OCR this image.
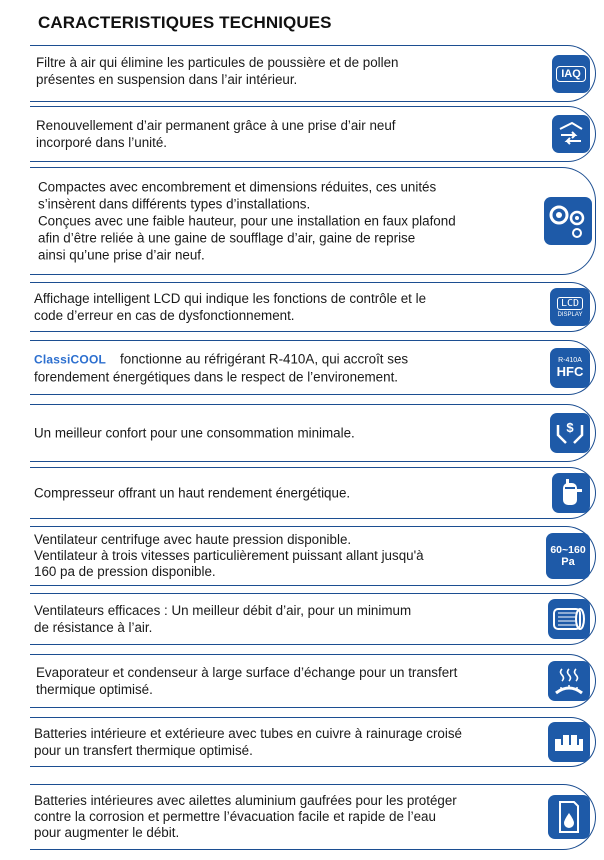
CARACTERISTIQUES TECHNIQUES

Filtre à air qui élimine les particules de poussière et de pollen

présentes en suspension dans l’air intérieur.	IAQ

Renouvellement d’air permanent grâce à une prise d’air neuf

incorporé dans l’unité.

Compactes avec encombrement et dimensions réduites, ces unités

s’insèrent dans différents types d’installations.

Conçues avec une faible hauteur, pour une installation en faux plafond

afin d’être reliée à une gaine de soufflage d’air, gaine de reprise

ainsi qu’une prise d’air neuf.

Affichage intelligent LCD qui indique les fonctions de contrôle et le

code d’erreur en cas de dysfonctionnement.

LCD
DISPLAY

ClassiCOOL fonctionne au réfrigérant R-410A, qui accroît ses

forendement énergétiques dans le respect de l’environement.

R-410A
HFC

Un meilleur confort pour une consommation minimale.	$

Compresseur offrant un haut rendement énergétique.

Ventilateur centrifuge avec haute pression disponible.

Ventilateur à trois vitesses particulièrement puissant allant jusqu'à

160 pa de pression disponible.

60~160
Pa

Ventilateurs efficaces : Un meilleur débit d’air, pour un minimum

de résistance à l’air.

Evaporateur et condenseur à large surface d’échange pour un transfert

thermique optimisé.

Batteries intérieure et extérieure avec tubes en cuivre à rainurage croisé

pour un transfert thermique optimisé.

Batteries intérieures avec ailettes aluminium gaufrées pour les protéger

contre la corrosion et permettre l’évacuation facile et rapide de l’eau

pour augmenter le débit.
